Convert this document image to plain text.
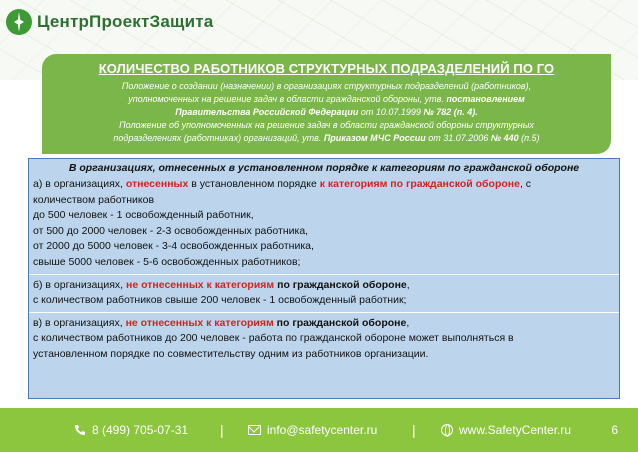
ЦентрПроектЗащита
КОЛИЧЕСТВО РАБОТНИКОВ СТРУКТУРНЫХ ПОДРАЗДЕЛЕНИЙ ПО ГО
Положение о создании (назначении) в организациях структурных подразделений (работников),
уполномоченных на решение задач в области гражданской обороны, утв. постановлением
Правительства Российской Федерации от 10.07.1999 № 782 (п. 4).
Положение об уполномоченных на решение задач в области гражданской обороны структурных
подразделениях (работниках) организаций, утв. Приказом МЧС России от 31.07.2006 № 440 (п.5)
В организациях, отнесенных в установленном порядке к категориям по гражданской обороне
а) в организациях, отнесенных в установленном порядке к категориям по гражданской обороне, с
количеством работников
до 500 человек - 1 освобожденный работник,
от 500 до 2000 человек - 2-3 освобожденных работника,
от 2000 до 5000 человек - 3-4 освобожденных работника,
свыше 5000 человек - 5-6 освобожденных работников;
б) в организациях, не отнесенных к категориям по гражданской обороне,
с количеством работников свыше 200 человек - 1 освобожденный работник;
в) в организациях, не отнесенных к категориям по гражданской обороне,
с количеством работников до 200 человек - работа по гражданской обороне может выполняться в
установленном порядке по совместительству одним из работников организации.
8 (499) 705-07-31 |	info@safetycenter.ru |	www.SafetyCenter.ru	6
